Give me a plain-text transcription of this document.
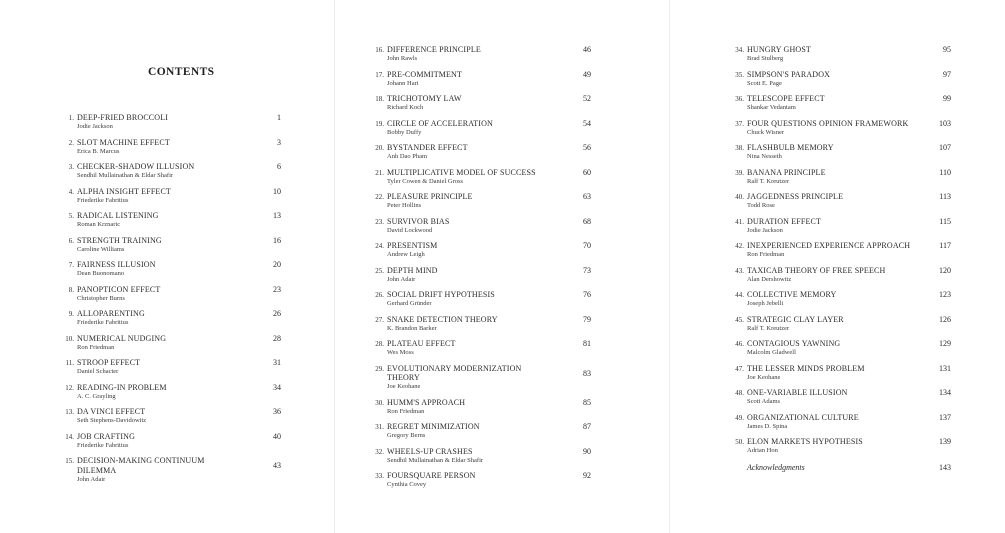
CONTENTS
1. DEEP-FRIED BROCCOLI
Jodie Jackson
1
2. SLOT MACHINE EFFECT
Erica B. Marcus
3
3. CHECKER-SHADOW ILLUSION
Sendhil Mullainathan & Eldar Shafir
6
4. ALPHA INSIGHT EFFECT
Friederike Fabritius
10
5. RADICAL LISTENING
Roman Krznaric
13
6. STRENGTH TRAINING
Caroline Williams
16
7. FAIRNESS ILLUSION
Dean Buonomano
20
8. PANOPTICON EFFECT
Christopher Burns
23
9. ALLOPARENTING
Friederike Fabritius
26
10. NUMERICAL NUDGING
Ron Friedman
28
11. STROOP EFFECT
Daniel Schacter
31
12. READING-IN PROBLEM
A. C. Grayling
34
13. DA VINCI EFFECT
Seth Stephens-Davidowitz
36
14. JOB CRAFTING
Friederike Fabritius
40
15. DECISION-MAKING CONTINUUM
DILEMMA
John Adair
43
16. DIFFERENCE PRINCIPLE
John Rawls
46
17. PRE-COMMITMENT
Johann Hari
49
18. TRICHOTOMY LAW
Richard Koch
52
19. CIRCLE OF ACCELERATION
Bobby Duffy
54
20. BYSTANDER EFFECT
Anh Dao Pham
56
21. MULTIPLICATIVE MODEL OF SUCCESS
Tyler Cowen & Daniel Gross
60
22. PLEASURE PRINCIPLE
Peter Hollins
63
23. SURVIVOR BIAS
David Lockwood
68
24. PRESENTISM
Andrew Leigh
70
25. DEPTH MIND
John Adair
73
26. SOCIAL DRIFT HYPOTHESIS
Gerhard Gründer
76
27. SNAKE DETECTION THEORY
K. Brandon Barker
79
28. PLATEAU EFFECT
Wes Moss
81
29. EVOLUTIONARY MODERNIZATION
THEORY
Joe Keohane
83
30. HUMM'S APPROACH
Ron Friedman
85
31. REGRET MINIMIZATION
Gregory Berns
87
32. WHEELS-UP CRASHES
Sendhil Mullainathan & Eldar Shafir
90
33. FOURSQUARE PERSON
Cynthia Covey
92
34. HUNGRY GHOST
Brad Stulberg
95
35. SIMPSON'S PARADOX
Scott E. Page
97
36. TELESCOPE EFFECT
Shankar Vedantam
99
37. FOUR QUESTIONS OPINION FRAMEWORK
Chuck Wisner
103
38. FLASHBULB MEMORY
Nina Nesseth
107
39. BANANA PRINCIPLE
Ralf T. Kreutzer
110
40. JAGGEDNESS PRINCIPLE
Todd Rose
113
41. DURATION EFFECT
Jodie Jackson
115
42. INEXPERIENCED EXPERIENCE APPROACH
Ron Friedman
117
43. TAXICAB THEORY OF FREE SPEECH
Alan Dershowitz
120
44. COLLECTIVE MEMORY
Joseph Jebelli
123
45. STRATEGIC CLAY LAYER
Ralf T. Kreutzer
126
46. CONTAGIOUS YAWNING
Malcolm Gladwell
129
47. THE LESSER MINDS PROBLEM
Joe Keohane
131
48. ONE-VARIABLE ILLUSION
Scott Adams
134
49. ORGANIZATIONAL CULTURE
James D. Spina
137
50. ELON MARKETS HYPOTHESIS
Adrian Hon
139
Acknowledgments	143
